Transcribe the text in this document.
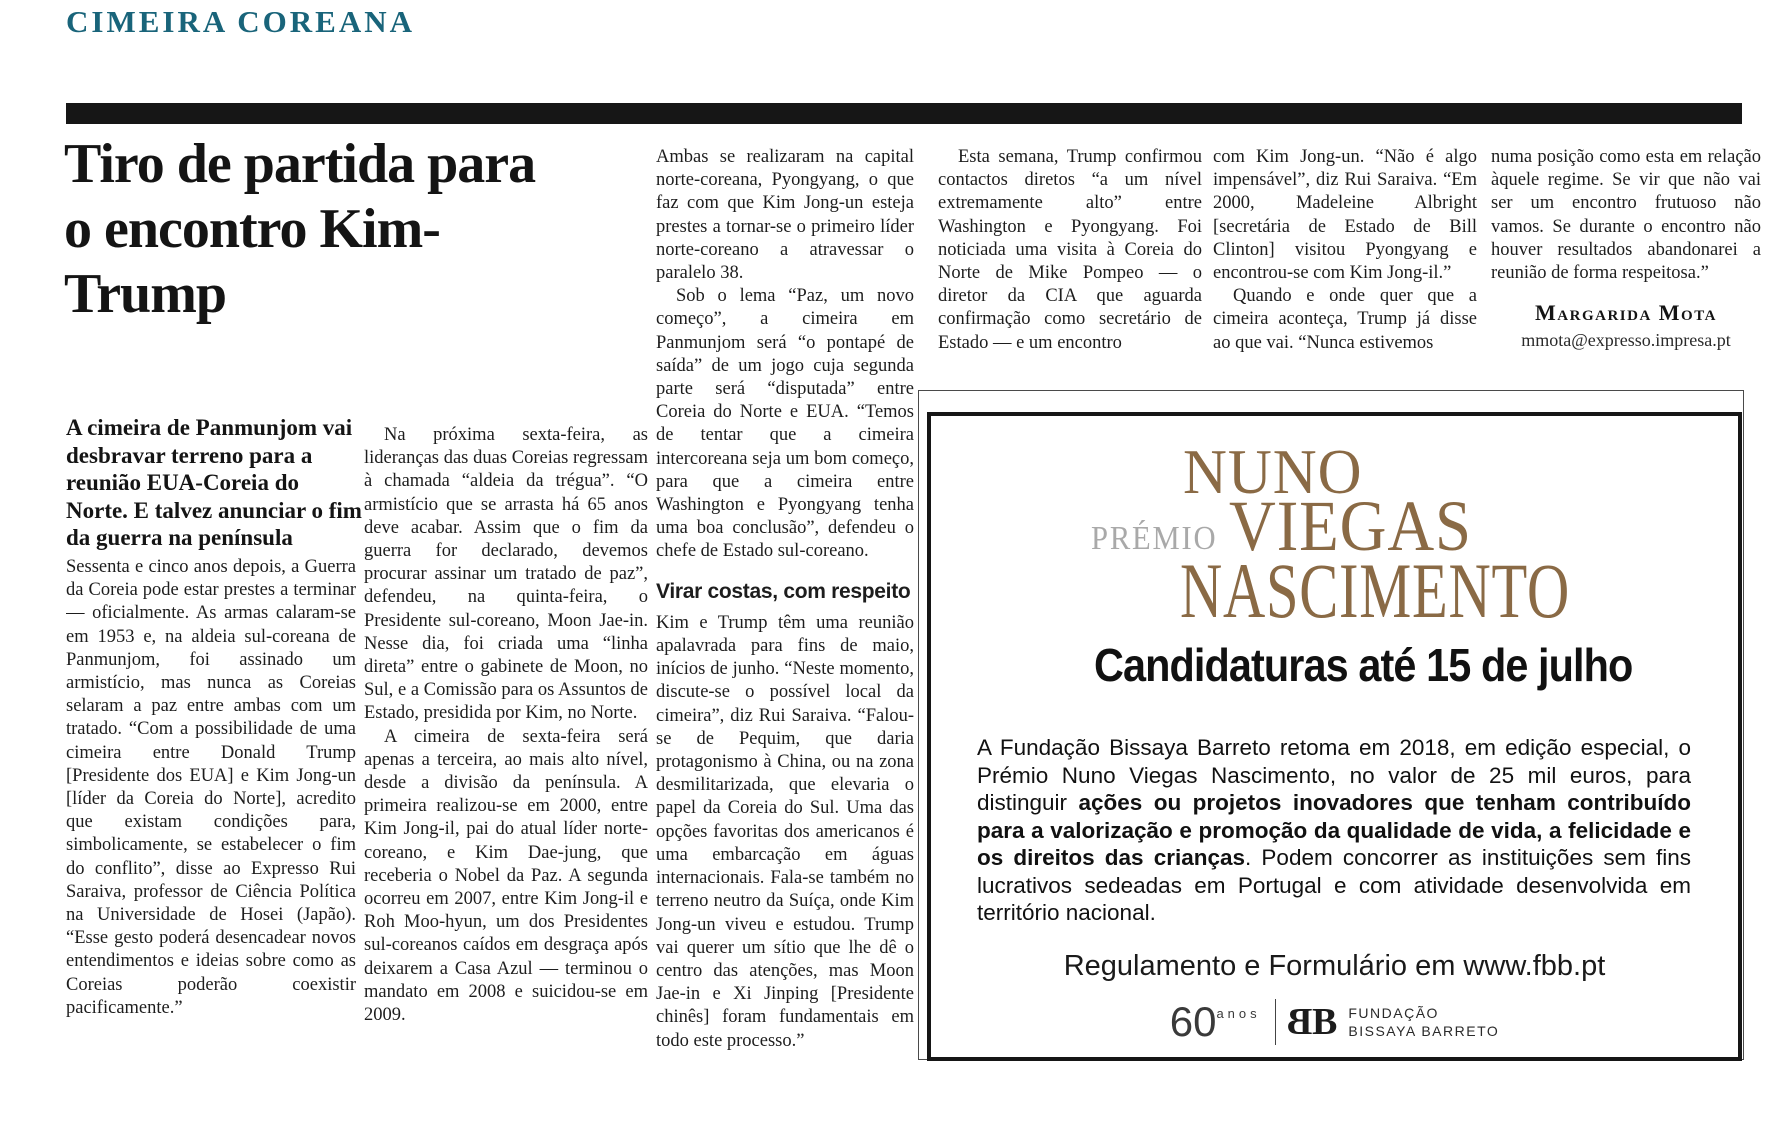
CIMEIRA COREANA
Tiro de partida para o encontro Kim-Trump
A cimeira de Panmunjom vai desbravar terreno para a reunião EUA-Coreia do Norte. E talvez anunciar o fim da guerra na península

Sessenta e cinco anos depois, a Guerra da Coreia pode estar prestes a terminar — oficialmente. As armas calaram-se em 1953 e, na aldeia sul-coreana de Panmunjom, foi assinado um armistício, mas nunca as Coreias selaram a paz entre ambas com um tratado. “Com a possibilidade de uma cimeira entre Donald Trump [Presidente dos EUA] e Kim Jong-un [líder da Coreia do Norte], acredito que existam condições para, simbolicamente, se estabelecer o fim do conflito”, disse ao Expresso Rui Saraiva, professor de Ciência Política na Universidade de Hosei (Japão). “Esse gesto poderá desencadear novos entendimentos e ideias sobre como as Coreias poderão coexistir pacificamente.”

Na próxima sexta-feira, as lideranças das duas Coreias regressam à chamada “aldeia da trégua”. “O armistício que se arrasta há 65 anos deve acabar. Assim que o fim da guerra for declarado, devemos procurar assinar um tratado de paz”, defendeu, na quinta-feira, o Presidente sul-coreano, Moon Jae-in. Nesse dia, foi criada uma “linha direta” entre o gabinete de Moon, no Sul, e a Comissão para os Assuntos de Estado, presidida por Kim, no Norte.

A cimeira de sexta-feira será apenas a terceira, ao mais alto nível, desde a divisão da península. A primeira realizou-se em 2000, entre Kim Jong-il, pai do atual líder norte-coreano, e Kim Dae-jung, que receberia o Nobel da Paz. A segunda ocorreu em 2007, entre Kim Jong-il e Roh Moo-hyun, um dos Presidentes sul-coreanos caídos em desgraça após deixarem a Casa Azul — terminou o mandato em 2008 e suicidou-se em 2009.

Ambas se realizaram na capital norte-coreana, Pyongyang, o que faz com que Kim Jong-un esteja prestes a tornar-se o primeiro líder norte-coreano a atravessar o paralelo 38.

Sob o lema “Paz, um novo começo”, a cimeira em Panmunjom será “o pontapé de saída” de um jogo cuja segunda parte será “disputada” entre Coreia do Norte e EUA. “Temos de tentar que a cimeira intercoreana seja um bom começo, para que a cimeira entre Washington e Pyongyang tenha uma boa conclusão”, defendeu o chefe de Estado sul-coreano.

Virar costas, com respeito

Kim e Trump têm uma reunião apalavrada para fins de maio, inícios de junho. “Neste momento, discute-se o possível local da cimeira”, diz Rui Saraiva. “Falou-se de Pequim, que daria protagonismo à China, ou na zona desmilitarizada, que elevaria o papel da Coreia do Sul. Uma das opções favoritas dos americanos é uma embarcação em águas internacionais. Fala-se também no terreno neutro da Suíça, onde Kim Jong-un viveu e estudou. Trump vai querer um sítio que lhe dê o centro das atenções, mas Moon Jae-in e Xi Jinping [Presidente chinês] foram fundamentais em todo este processo.”

Esta semana, Trump confirmou contactos diretos “a um nível extremamente alto” entre Washington e Pyongyang. Foi noticiada uma visita à Coreia do Norte de Mike Pompeo — o diretor da CIA que aguarda confirmação como secretário de Estado — e um encontro

com Kim Jong-un. “Não é algo impensável”, diz Rui Saraiva. “Em 2000, Madeleine Albright [secretária de Estado de Bill Clinton] visitou Pyongyang e encontrou-se com Kim Jong-il.”

Quando e onde quer que a cimeira aconteça, Trump já disse ao que vai. “Nunca estivemos

numa posição como esta em relação àquele regime. Se vir que não vai ser um encontro frutuoso não vamos. Se durante o encontro não houver resultados abandonarei a reunião de forma respeitosa.”

Margarida Mota
mmota@expresso.impresa.pt
PRÉMIO
NUNO
VIEGAS
NASCIMENTO
Candidaturas até 15 de julho

A Fundação Bissaya Barreto retoma em 2018, em edição especial, o Prémio Nuno Viegas Nascimento, no valor de 25 mil euros, para distinguir ações ou projetos inovadores que tenham contribuído para a valorização e promoção da qualidade de vida, a felicidade e os direitos das crianças. Podem concorrer as instituições sem fins lucrativos sedeadas em Portugal e com atividade desenvolvida em território nacional.

Regulamento e Formulário em www.fbb.pt
$60^{anos}$ BB FUNDAÇÃO
BISSAYA BARRETO
